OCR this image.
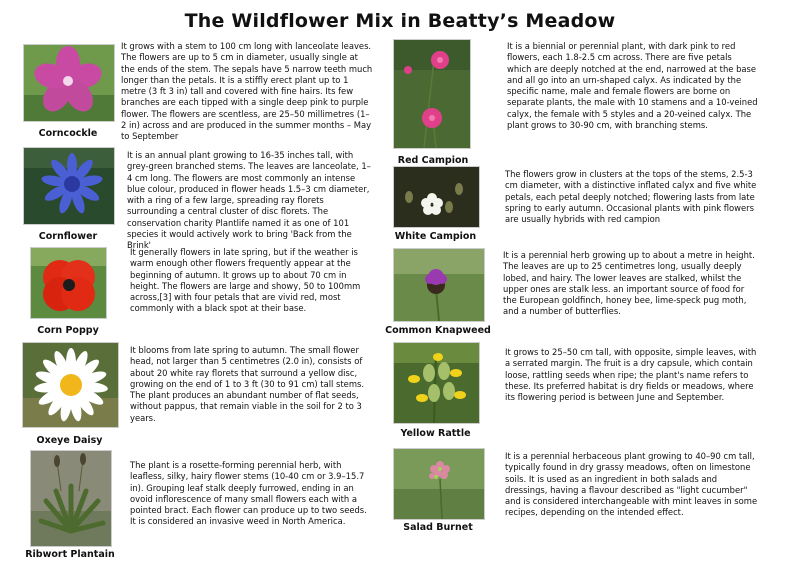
The Wildflower Mix in Beatty’s Meadow
Corncockle
It grows with a stem to 100 cm long with lanceolate leaves. The flowers are up to 5 cm in diameter, usually single at the ends of the stem. The sepals have 5 narrow teeth much longer than the petals. It is a stiffly erect plant up to 1 metre (3 ft 3 in) tall and covered with fine hairs. Its few branches are each tipped with a single deep pink to purple flower. The flowers are scentless, are 25–50 millimetres (1–2 in) across and are produced in the summer months – May to September
Cornflower
It is an annual plant growing to 16-35 inches tall, with grey-green branched stems. The leaves are lanceolate, 1–4 cm long. The flowers are most commonly an intense blue colour, produced in flower heads 1.5–3 cm diameter, with a ring of a few large, spreading ray florets surrounding a central cluster of disc florets. The conservation charity Plantlife named it as one of 101 species it would actively work to bring 'Back from the Brink'
Corn Poppy
It generally flowers in late spring, but if the weather is warm enough other flowers frequently appear at the beginning of autumn. It grows up to about 70 cm in height. The flowers are large and showy, 50 to 100mm across,[3] with four petals that are vivid red, most commonly with a black spot at their base.
Oxeye Daisy
It blooms from late spring to autumn. The small flower head, not larger than 5 centimetres (2.0 in), consists of about 20 white ray florets that surround a yellow disc, growing on the end of 1 to 3 ft (30 to 91 cm) tall stems. The plant produces an abundant number of flat seeds, without pappus, that remain viable in the soil for 2 to 3 years.
Ribwort Plantain
The plant is a rosette-forming perennial herb, with leafless, silky, hairy flower stems (10-40 cm or 3.9–15.7 in). Grouping leaf stalk deeply furrowed, ending in an ovoid inflorescence of many small flowers each with a pointed bract. Each flower can produce up to two seeds. It is considered an invasive weed in North America.
Red Campion
It is a biennial or perennial plant, with dark pink to red flowers, each 1.8-2.5 cm across. There are five petals which are deeply notched at the end, narrowed at the base and all go into an urn-shaped calyx. As indicated by the specific name, male and female flowers are borne on separate plants, the male with 10 stamens and a 10-veined calyx, the female with 5 styles and a 20-veined calyx. The plant grows to 30-90 cm, with branching stems.
White Campion
The flowers grow in clusters at the tops of the stems, 2.5-3 cm diameter, with a distinctive inflated calyx and five white petals, each petal deeply notched; flowering lasts from late spring to early autumn. Occasional plants with pink flowers are usually hybrids with red campion
Common Knapweed
It is a perennial herb growing up to about a metre in height. The leaves are up to 25 centimetres long, usually deeply lobed, and hairy. The lower leaves are stalked, whilst the upper ones are stalk less. an important source of food for the European goldfinch, honey bee, lime-speck pug moth, and a number of butterflies.
Yellow Rattle
It grows to 25–50 cm tall, with opposite, simple leaves, with a serrated margin. The fruit is a dry capsule, which contain loose, rattling seeds when ripe; the plant's name refers to these. Its preferred habitat is dry fields or meadows, where its flowering period is between June and September.
Salad Burnet
It is a perennial herbaceous plant growing to 40–90 cm tall, typically found in dry grassy meadows, often on limestone soils. It is used as an ingredient in both salads and dressings, having a flavour described as "light cucumber" and is considered interchangeable with mint leaves in some recipes, depending on the intended effect.
